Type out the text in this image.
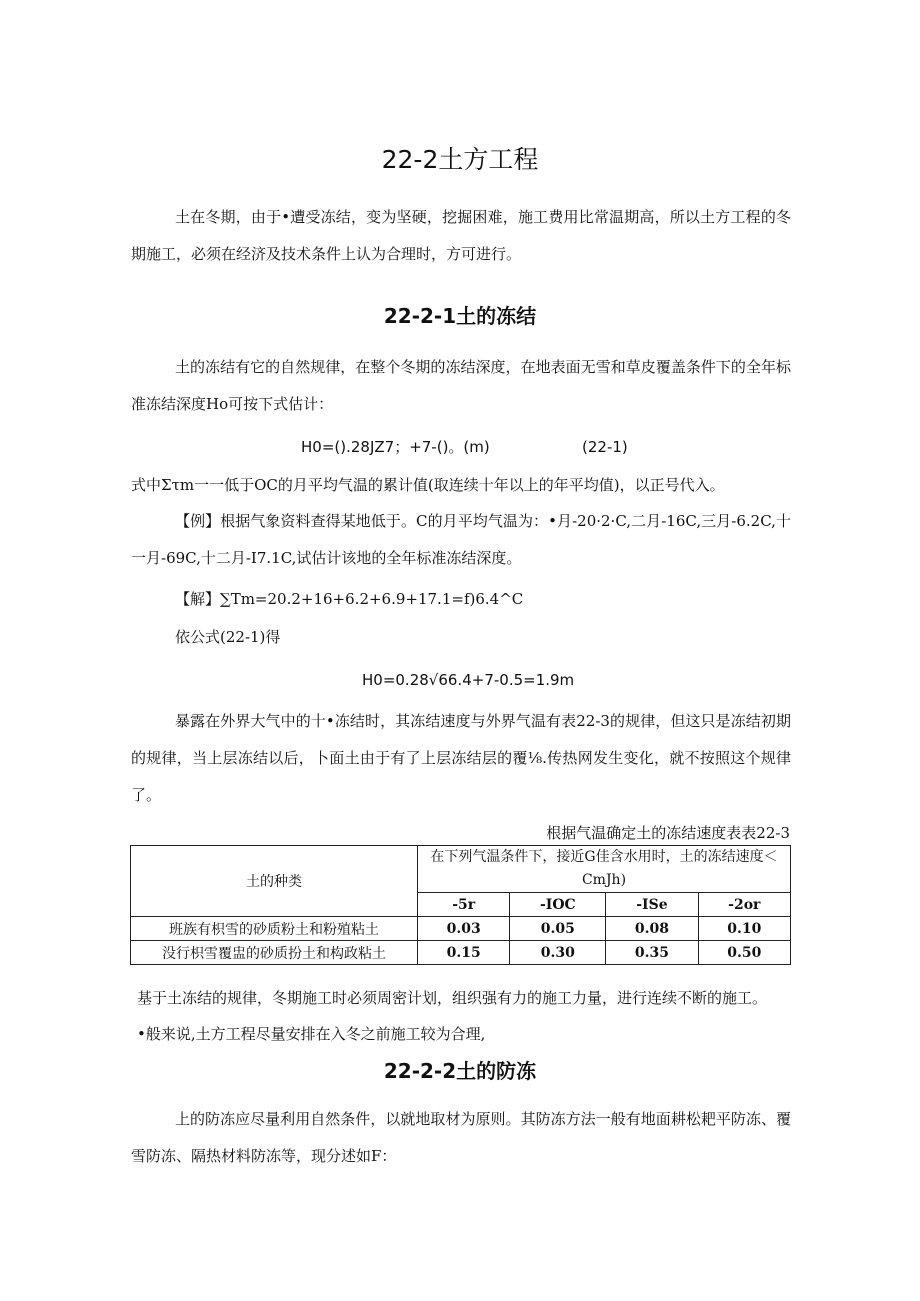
22-2土方工程

土在冬期，由于•遭受冻结，变为坚硬，挖掘困难，施工费用比常温期高，所以土方工程的冬期施工，必须在经济及技术条件上认为合理时，方可进行。

22-2-1土的冻结

土的冻结有它的自然规律，在整个冬期的冻结深度，在地表面无雪和草皮覆盖条件下的全年标准冻结深度Ho可按下式估计：

H0=().28JZ7；+7-()。(m)	(22-1)
式中Στm一一低于OC的月平均气温的累计值(取连续十年以上的年平均值)，以正号代入。

【例】根据气象资料查得某地低于。C的月平均气温为：•月-20·2·C,二月-16C,三月-6.2C,十一月-69C,十二月-I7.1C,试估计该地的全年标准冻结深度。

【解】∑Tm=20.2+16+6.2+6.9+17.1=f)6.4^C
依公式(22-1)得
H0=0.28√66.4+7-0.5=1.9m

暴露在外界大气中的十•冻结时，其冻结速度与外界气温有表22-3的规律，但这只是冻结初期的规律，当上层冻结以后，卜面土由于有了上层冻结层的覆⅛.传热网发生变化，就不按照这个规律了。

根据气温确定土的冻结速度表表22-3
土的种类	在下列气温条件下，接近G佳含水用时，土的冻结速度＜CmJh)			
	-5r	-IOC	-ISe	-2or
班族有枳雪的砂质粉土和粉殖粘土	0.03	0.05	0.08	0.10
没行枳雪覆盅的砂质扮土和构政粘土	0.15	0.30	0.35	0.50
基于土冻结的规律，冬期施工时必须周密计划，组织强有力的施工力量，进行连续不断的施工。
•般来说,土方工程尽量安排在入冬之前施工较为合理,
22-2-2土的防冻

上的防冻应尽量利用自然条件，以就地取材为原则。其防冻方法一般有地面耕松耙平防冻、覆雪防冻、隔热材料防冻等，现分述如F：
